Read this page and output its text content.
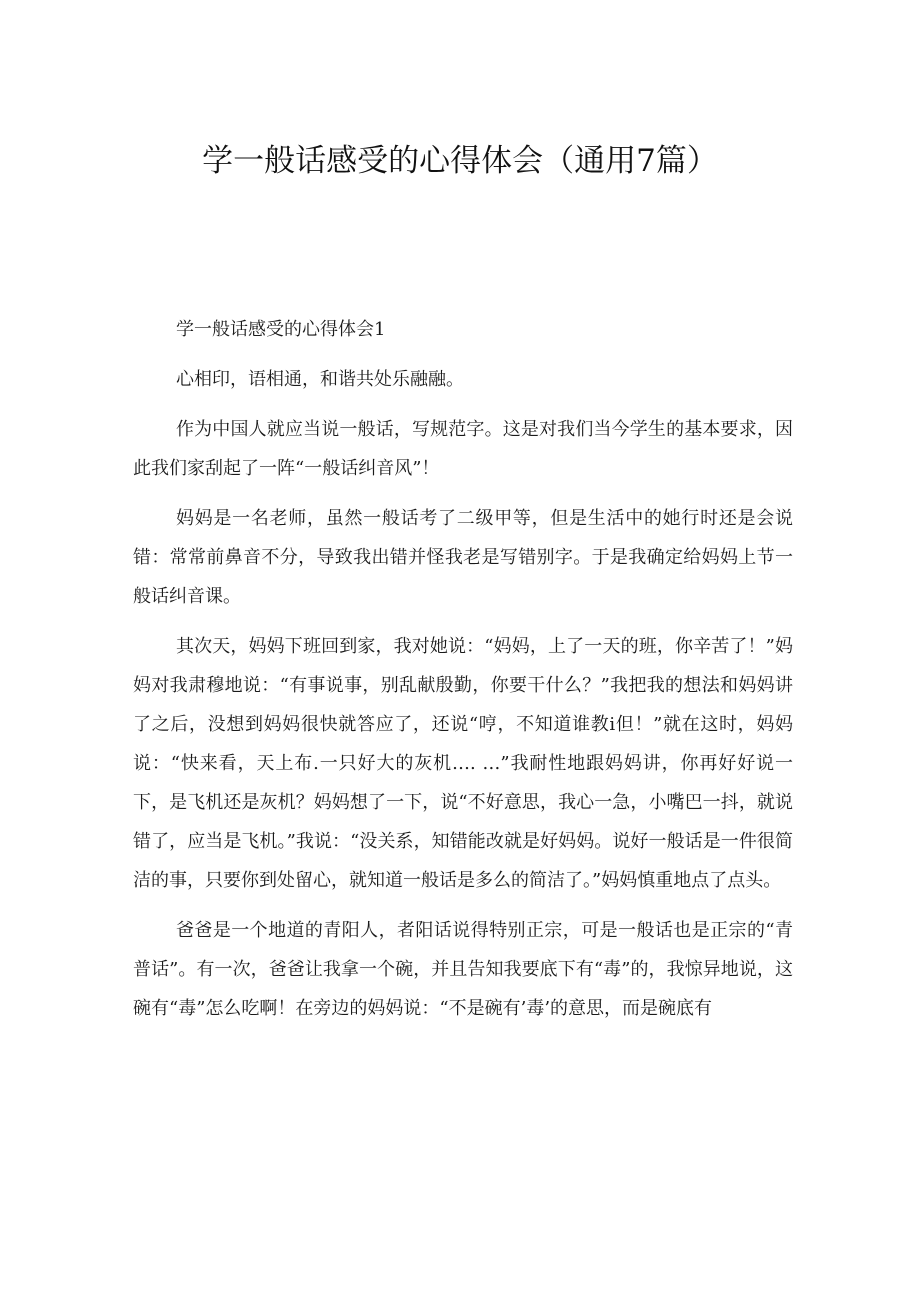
学一般话感受的心得体会（通用7篇）

学一般话感受的心得体会1

心相印，语相通，和谐共处乐融融。

作为中国人就应当说一般话，写规范字。这是对我们当今学生的基本要求，因此我们家刮起了一阵“一般话纠音风”！

妈妈是一名老师，虽然一般话考了二级甲等，但是生活中的她行时还是会说错：常常前鼻音不分，导致我出错并怪我老是写错别字。于是我确定给妈妈上节一般话纠音课。

其次天，妈妈下班回到家，我对她说：“妈妈，上了一天的班，你辛苦了！”妈妈对我肃穆地说：“有事说事，别乱献殷勤，你要干什么？”我把我的想法和妈妈讲了之后，没想到妈妈很快就答应了，还说“哼，不知道谁教i但！”就在这时，妈妈说：“快来看，天上布.一只好大的灰机…. …”我耐性地跟妈妈讲，你再好好说一下，是飞机还是灰机？妈妈想了一下，说“不好意思，我心一急，小嘴巴一抖，就说错了，应当是飞机。”我说：“没关系，知错能改就是好妈妈。说好一般话是一件很简洁的事，只要你到处留心，就知道一般话是多么的简洁了。”妈妈慎重地点了点头。

爸爸是一个地道的青阳人，者阳话说得特别正宗，可是一般话也是正宗的“青普话”。有一次，爸爸让我拿一个碗，并且告知我要底下有“毒”的，我惊异地说，这碗有“毒”怎么吃啊！在旁边的妈妈说：“不是碗有’毒’的意思，而是碗底有
